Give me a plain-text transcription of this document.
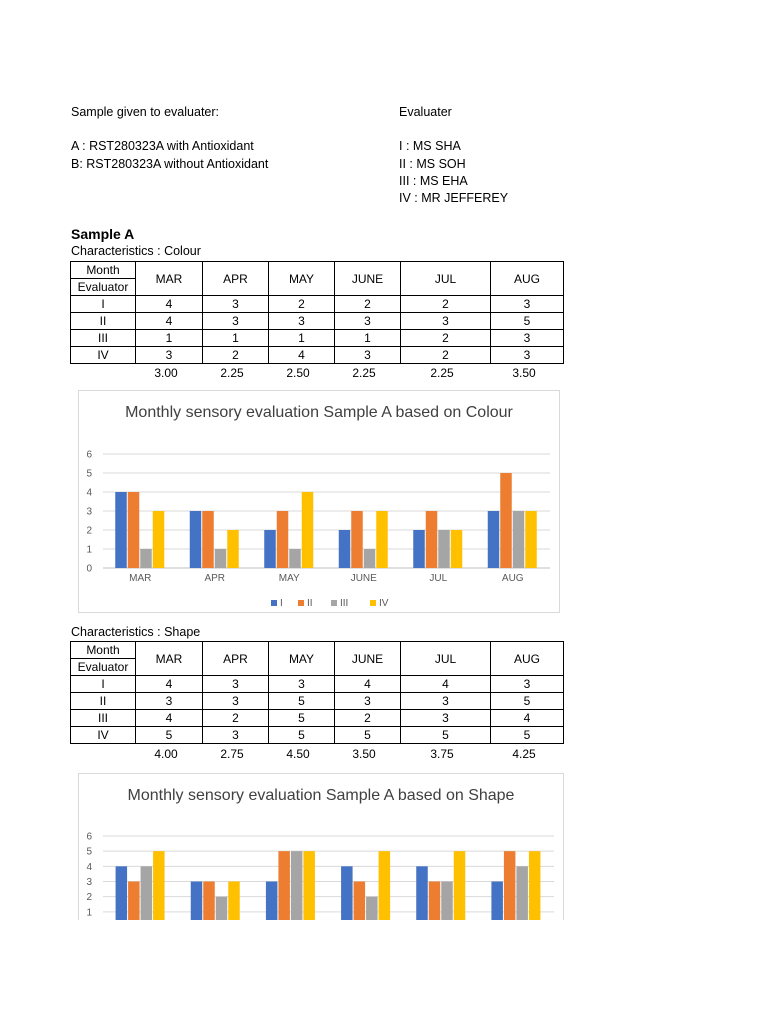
Sample given to evaluater:
A : RST280323A with Antioxidant
B: RST280323A without Antioxidant
Evaluater
I : MS SHA
II : MS SOH
III : MS EHA
IV : MR JEFFEREY
Sample A
Characteristics : Colour
Month	MAR	APR	MAY	JUNE	JUL	AUG
Evaluator						
I	4	3	2	2	2	3
II	4	3	3	3	3	5
III	1	1	1	1	2	3
IV	3	2	4	3	2	3
3.00	2.25	2.50	2.25	2.25	3.50
Monthly sensory evaluation Sample A based on Colour
0
1
2
3
4
5
6
MAR	APR	MAY	JUNE	JUL	AUG
I II	III	IV
Characteristics : Shape
Month	MAR	APR	MAY	JUNE	JUL	AUG
Evaluator						
I	4	3	3	4	4	3
II	3	3	5	3	3	5
III	4	2	5	2	3	4
IV	5	3	5	5	5	5
4.00	2.75	4.50	3.50	3.75	4.25
Monthly sensory evaluation Sample A based on Shape
1
2
3
4
5
6
